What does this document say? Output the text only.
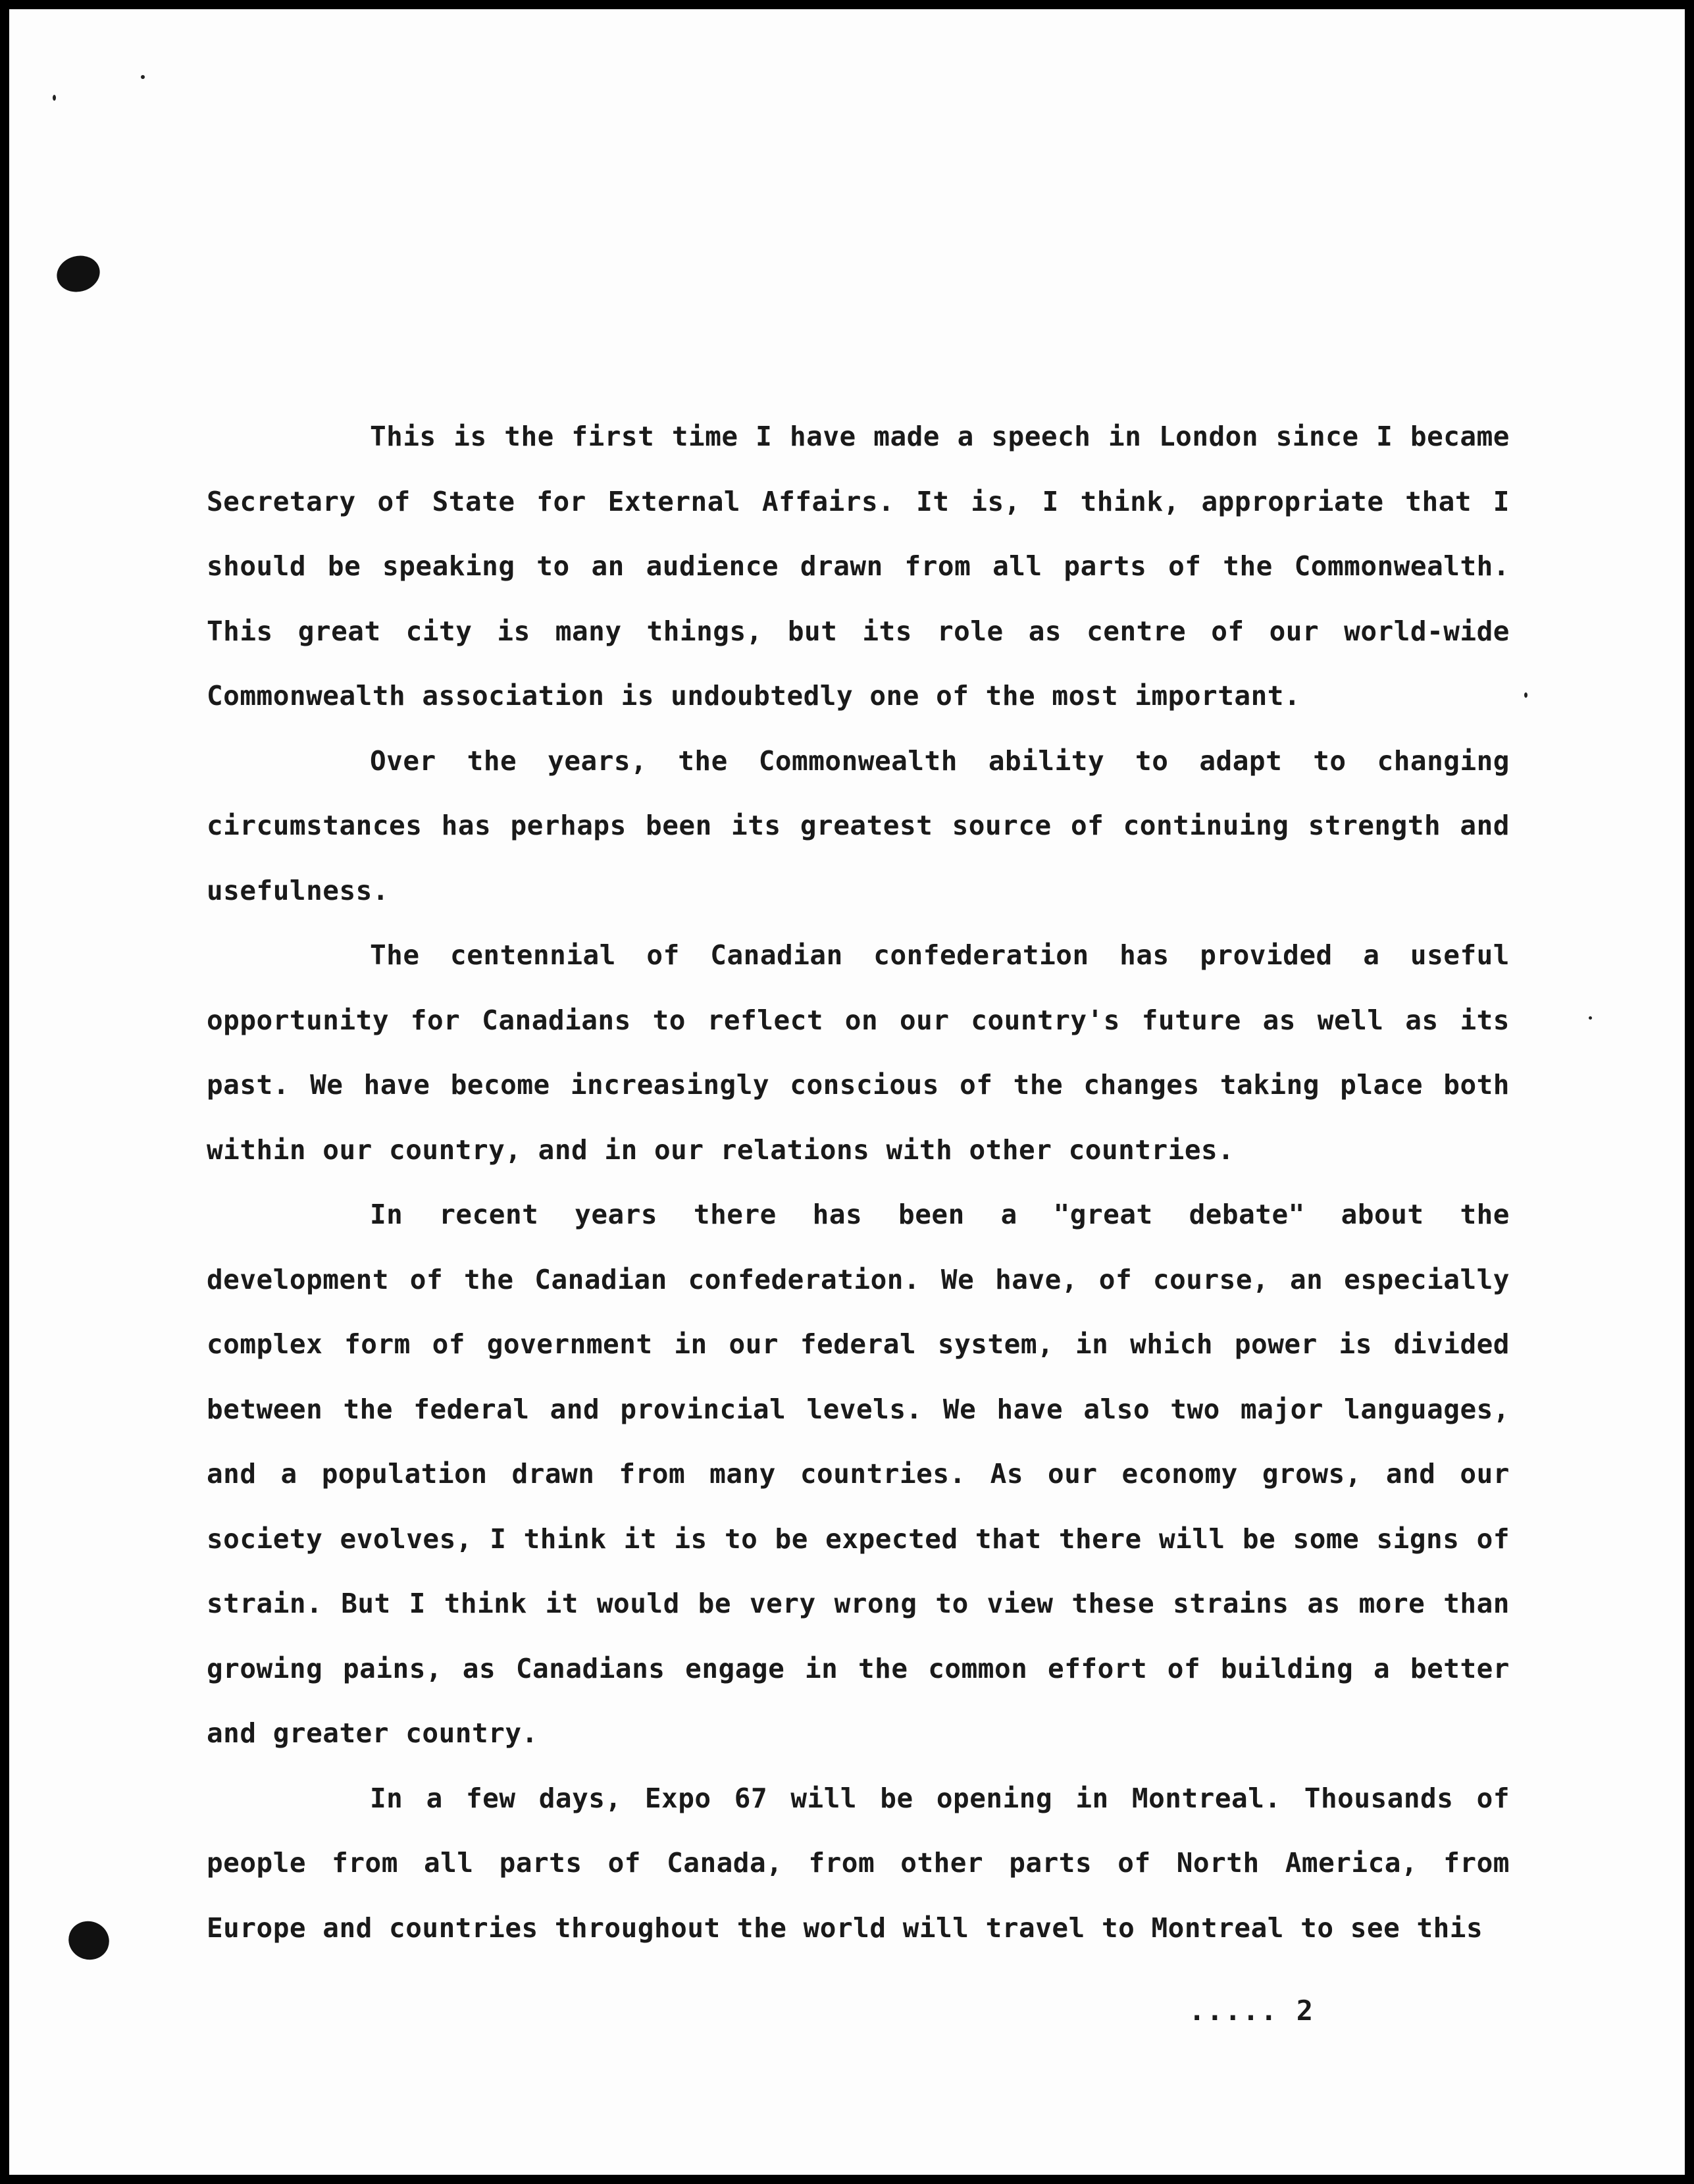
This is the first time I have made a speech in London since I became Secretary of State for External Affairs. It is, I think, appropriate that I should be speaking to an audience drawn from all parts of the Commonwealth. This great city is many things, but its role as centre of our world-wide Commonwealth association is undoubtedly one of the most important.

Over the years, the Commonwealth ability to adapt to changing circumstances has perhaps been its greatest source of continuing strength and usefulness.

The centennial of Canadian confederation has provided a useful opportunity for Canadians to reflect on our country's future as well as its past. We have become increasingly conscious of the changes taking place both within our country, and in our relations with other countries.

In recent years there has been a "great debate" about the development of the Canadian confederation. We have, of course, an especially complex form of government in our federal system, in which power is divided between the federal and provincial levels. We have also two major languages, and a population drawn from many countries. As our economy grows, and our society evolves, I think it is to be expected that there will be some signs of strain. But I think it would be very wrong to view these strains as more than growing pains, as Canadians engage in the common effort of building a better and greater country.

In a few days, Expo 67 will be opening in Montreal. Thousands of people from all parts of Canada, from other parts of North America, from Europe and countries throughout the world will travel to Montreal to see this

..... 2
